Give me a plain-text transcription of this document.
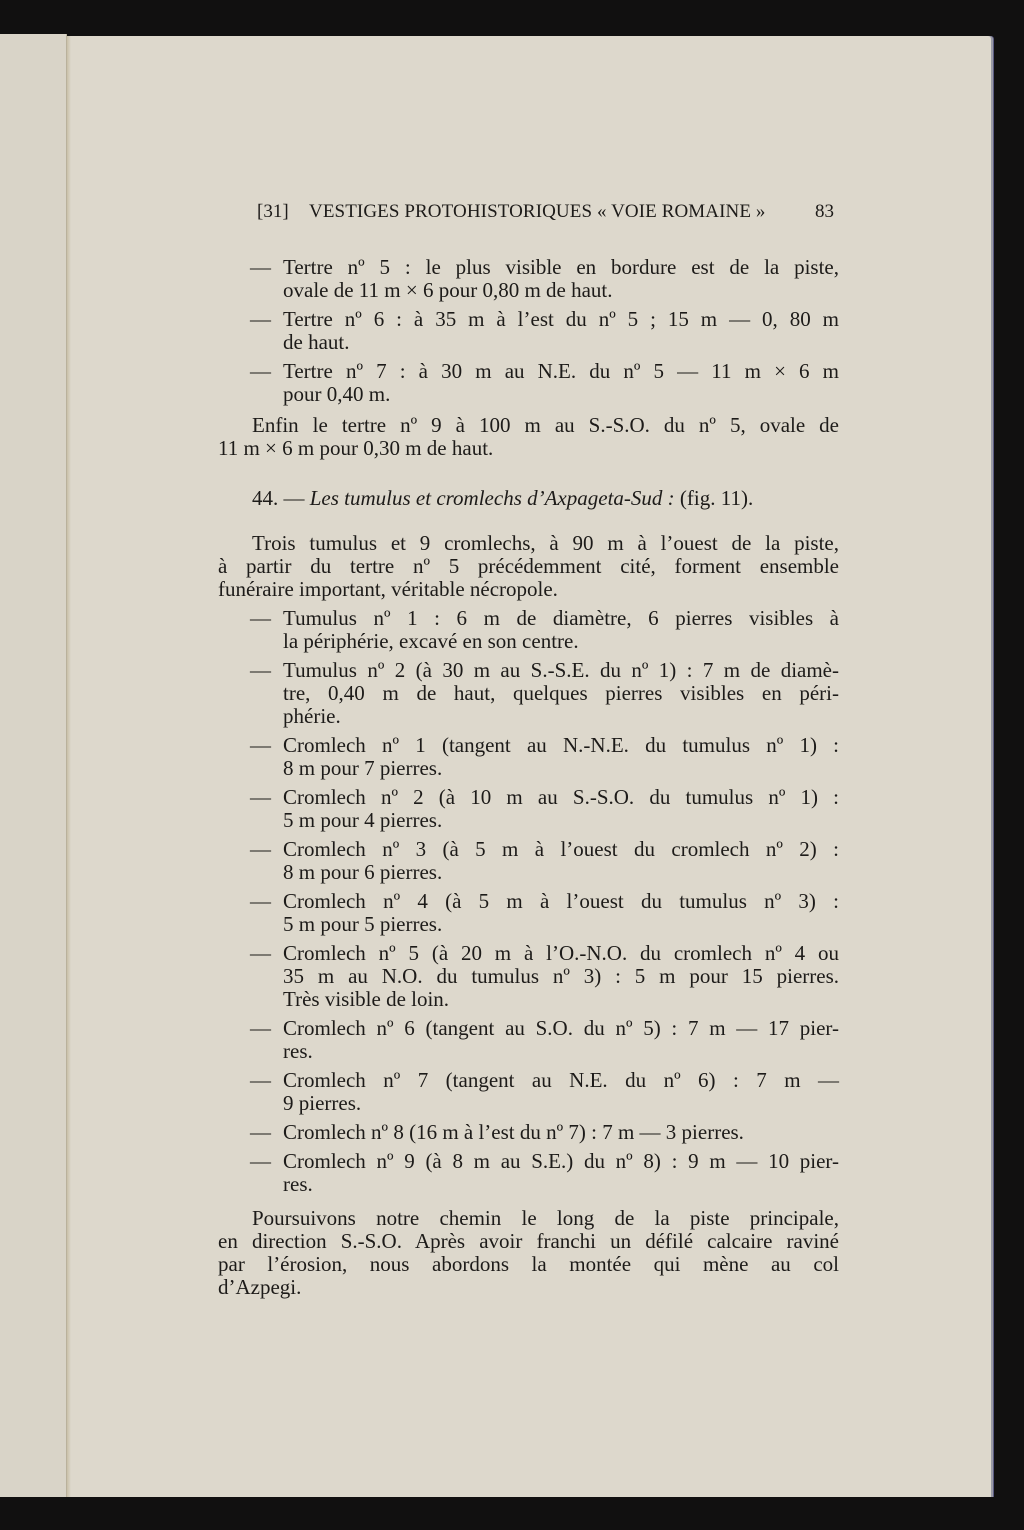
[31] VESTIGES PROTOHISTORIQUES « VOIE ROMAINE »	83
— Tertre nº 5 : le plus visible en bordure est de la piste,
ovale de 11 m × 6 pour 0,80 m de haut.
— Tertre nº 6 : à 35 m à l’est du nº 5 ; 15 m — 0, 80 m
de haut.
— Tertre nº 7 : à 30 m au N.E. du nº 5 — 11 m × 6 m
pour 0,40 m.
Enfin le tertre nº 9 à 100 m au S.-S.O. du nº 5, ovale de
11 m × 6 m pour 0,30 m de haut.
44. — Les tumulus et cromlechs d’Axpageta-Sud : (fig. 11).
Trois tumulus et 9 cromlechs, à 90 m à l’ouest de la piste,
à partir du tertre nº 5 précédemment cité, forment ensemble
funéraire important, véritable nécropole.
— Tumulus nº 1 : 6 m de diamètre, 6 pierres visibles à
la périphérie, excavé en son centre.
— Tumulus nº 2 (à 30 m au S.-S.E. du nº 1) : 7 m de diamè-
tre, 0,40 m de haut, quelques pierres visibles en péri-
phérie.
— Cromlech nº 1 (tangent au N.-N.E. du tumulus nº 1) :
8 m pour 7 pierres.
— Cromlech nº 2 (à 10 m au S.-S.O. du tumulus nº 1) :
5 m pour 4 pierres.
— Cromlech nº 3 (à 5 m à l’ouest du cromlech nº 2) :
8 m pour 6 pierres.
— Cromlech nº 4 (à 5 m à l’ouest du tumulus nº 3) :
5 m pour 5 pierres.
— Cromlech nº 5 (à 20 m à l’O.-N.O. du cromlech nº 4 ou
35 m au N.O. du tumulus nº 3) : 5 m pour 15 pierres.
Très visible de loin.
— Cromlech nº 6 (tangent au S.O. du nº 5) : 7 m — 17 pier-
res.
— Cromlech nº 7 (tangent au N.E. du nº 6) : 7 m —
9 pierres.
— Cromlech nº 8 (16 m à l’est du nº 7) : 7 m — 3 pierres.
— Cromlech nº 9 (à 8 m au S.E.) du nº 8) : 9 m — 10 pier-
res.
Poursuivons notre chemin le long de la piste principale,
en direction S.-S.O. Après avoir franchi un défilé calcaire raviné
par l’érosion, nous abordons la montée qui mène au col
d’Azpegi.
